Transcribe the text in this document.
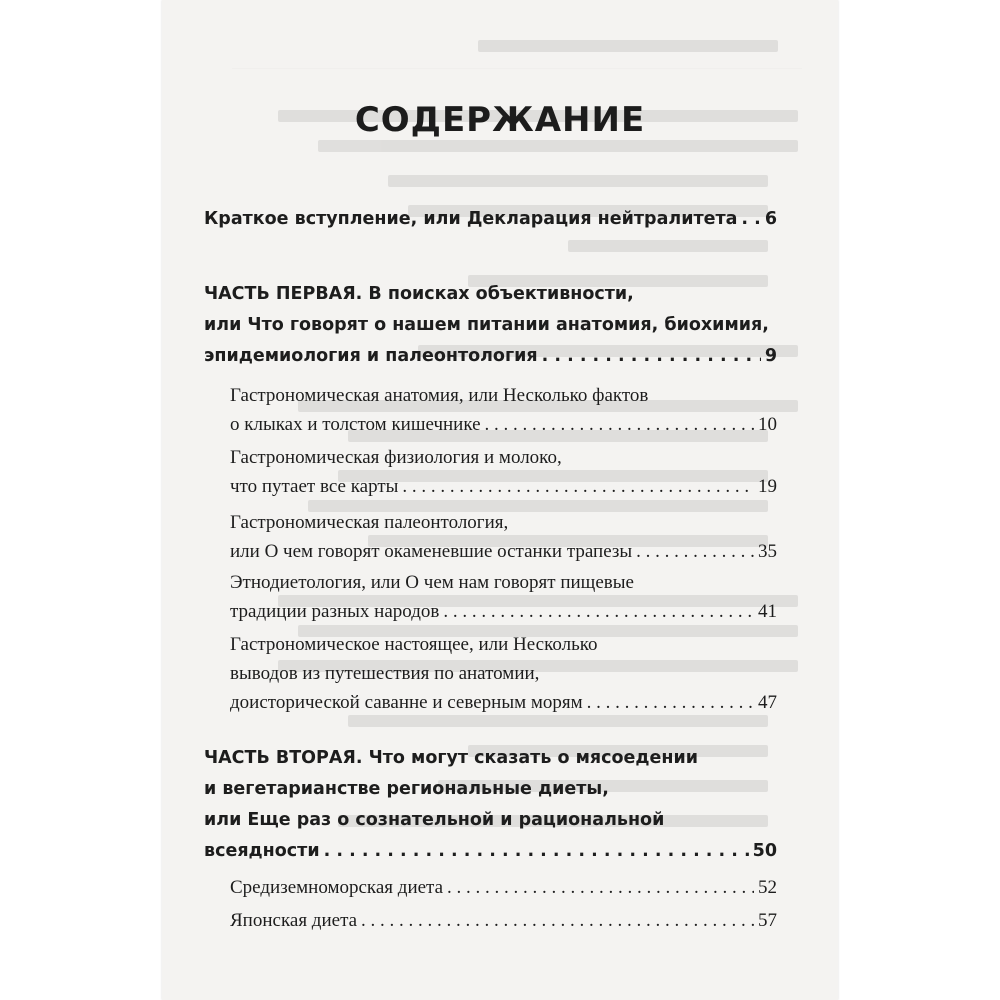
СОДЕРЖАНИЕ
Краткое вступление, или Декларация нейтралитета . . . 6
ЧАСТЬ ПЕРВАЯ. В поисках объективности,
или Что говорят о нашем питании анатомия, биохимия,
эпидемиология и палеонтология . . .	9
Гастрономическая анатомия, или Несколько фактов
о клыках и толстом кишечнике . . .	10
Гастрономическая физиология и молоко,
что путает все карты . . .	19
Гастрономическая палеонтология,
или О чем говорят окаменевшие останки трапезы . . .	35
Этнодиетология, или О чем нам говорят пищевые
традиции разных народов . . .	41
Гастрономическое настоящее, или Несколько
выводов из путешествия по анатомии,
доисторической саванне и северным морям . . .	47
ЧАСТЬ ВТОРАЯ. Что могут сказать о мясоедении
и вегетарианстве региональные диеты,
или Еще раз о сознательной и рациональной
всеядности . . .	50
Средиземноморская диета . . .	52
Японская диета . . .	57
